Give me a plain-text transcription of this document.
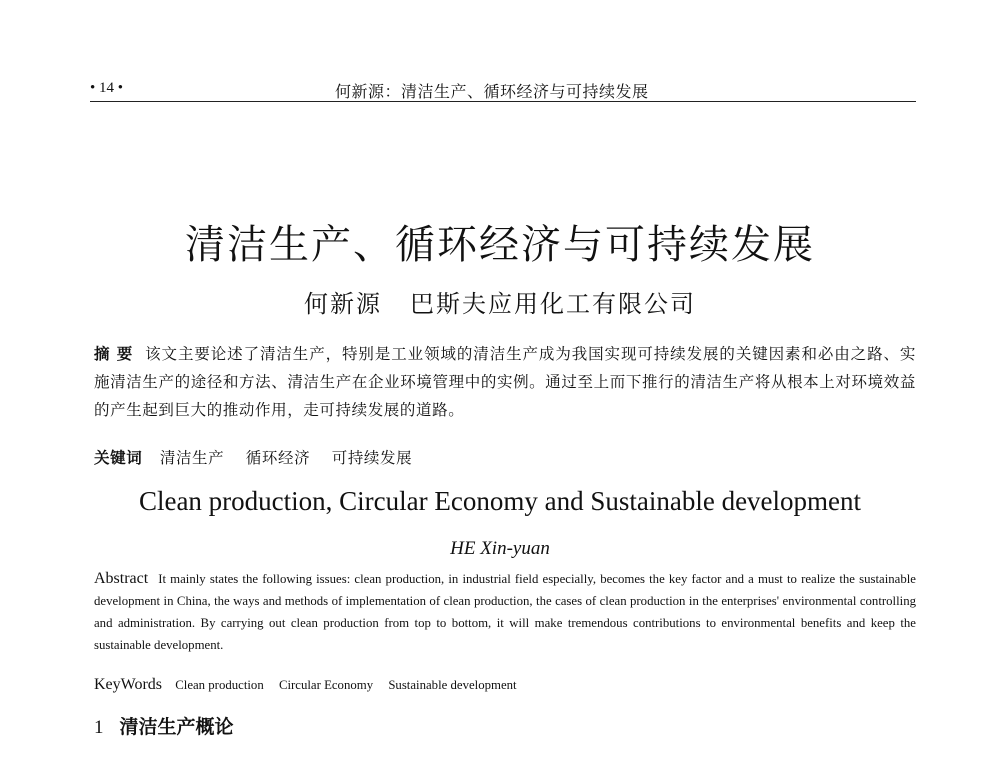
• 14 •	何新源：清洁生产、循环经济与可持续发展
清洁生产、循环经济与可持续发展
何新源 巴斯夫应用化工有限公司
摘 要 该文主要论述了清洁生产，特别是工业领域的清洁生产成为我国实现可持续发展的关键因素和必由之路、实施清洁生产的途径和方法、清洁生产在企业环境管理中的实例。通过至上而下推行的清洁生产将从根本上对环境效益的产生起到巨大的推动作用，走可持续发展的道路。
关键词 清洁生产 循环经济 可持续发展
Clean production, Circular Economy and Sustainable development
HE Xin-yuan
Abstract It mainly states the following issues: clean production, in industrial field especially, becomes the key factor and a must to realize the sustainable development in China, the ways and methods of implementation of clean production, the cases of clean production in the enterprises' environmental controlling and administration. By carrying out clean production from top to bottom, it will make tremendous contributions to environmental benefits and keep the sustainable development.
KeyWords Clean production Circular Economy Sustainable development
1 清洁生产概论
